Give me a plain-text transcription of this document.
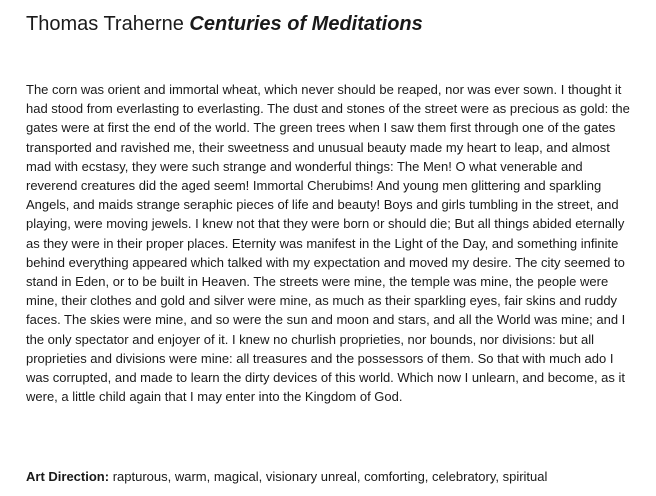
Thomas Traherne Centuries of Meditations

The corn was orient and immortal wheat, which never should be reaped, nor was ever sown. I thought it had stood from everlasting to everlasting. The dust and stones of the street were as precious as gold: the gates were at first the end of the world. The green trees when I saw them first through one of the gates transported and ravished me, their sweetness and unusual beauty made my heart to leap, and almost mad with ecstasy, they were such strange and wonderful things: The Men! O what venerable and reverend creatures did the aged seem! Immortal Cherubims! And young men glittering and sparkling Angels, and maids strange seraphic pieces of life and beauty! Boys and girls tumbling in the street, and playing, were moving jewels. I knew not that they were born or should die; But all things abided eternally as they were in their proper places. Eternity was manifest in the Light of the Day, and something infinite behind everything appeared which talked with my expectation and moved my desire. The city seemed to stand in Eden, or to be built in Heaven. The streets were mine, the temple was mine, the people were mine, their clothes and gold and silver were mine, as much as their sparkling eyes, fair skins and ruddy faces. The skies were mine, and so were the sun and moon and stars, and all the World was mine; and I the only spectator and enjoyer of it. I knew no churlish proprieties, nor bounds, nor divisions: but all proprieties and divisions were mine: all treasures and the possessors of them. So that with much ado I was corrupted, and made to learn the dirty devices of this world. Which now I unlearn, and become, as it were, a little child again that I may enter into the Kingdom of God.

Art Direction: rapturous, warm, magical, visionary unreal, comforting, celebratory, spiritual
